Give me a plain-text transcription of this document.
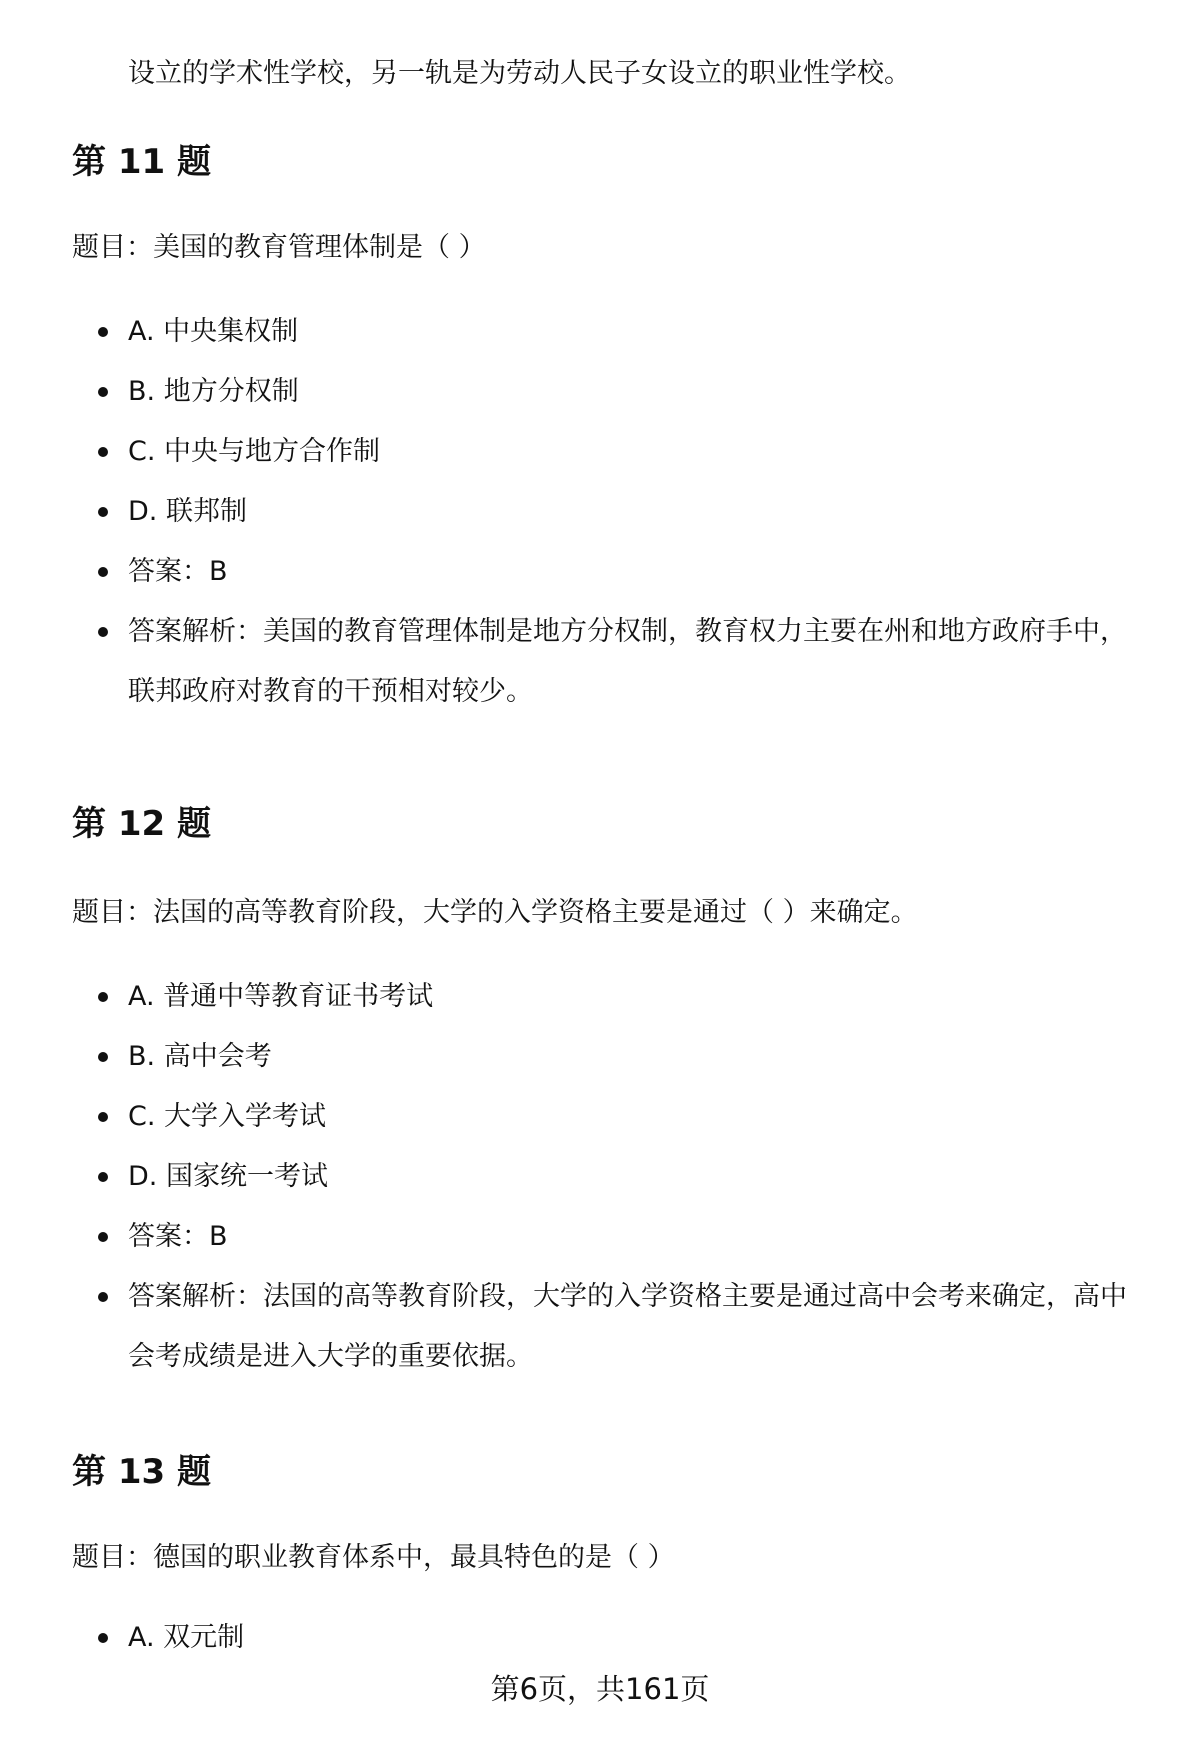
设立的学术性学校，另一轨是为劳动人民子女设立的职业性学校。

第 11 题

题目：美国的教育管理体制是（ ）

A. 中央集权制
B. 地方分权制
C. 中央与地方合作制
D. 联邦制
答案：B
答案解析：美国的教育管理体制是地方分权制，教育权力主要在州和地方政府手中，联邦政府对教育的干预相对较少。
第 12 题

题目：法国的高等教育阶段，大学的入学资格主要是通过（ ）来确定。

A. 普通中等教育证书考试
B. 高中会考
C. 大学入学考试
D. 国家统一考试
答案：B
答案解析：法国的高等教育阶段，大学的入学资格主要是通过高中会考来确定，高中会考成绩是进入大学的重要依据。
第 13 题

题目：德国的职业教育体系中，最具特色的是（ ）

A. 双元制

第6页，共161页
